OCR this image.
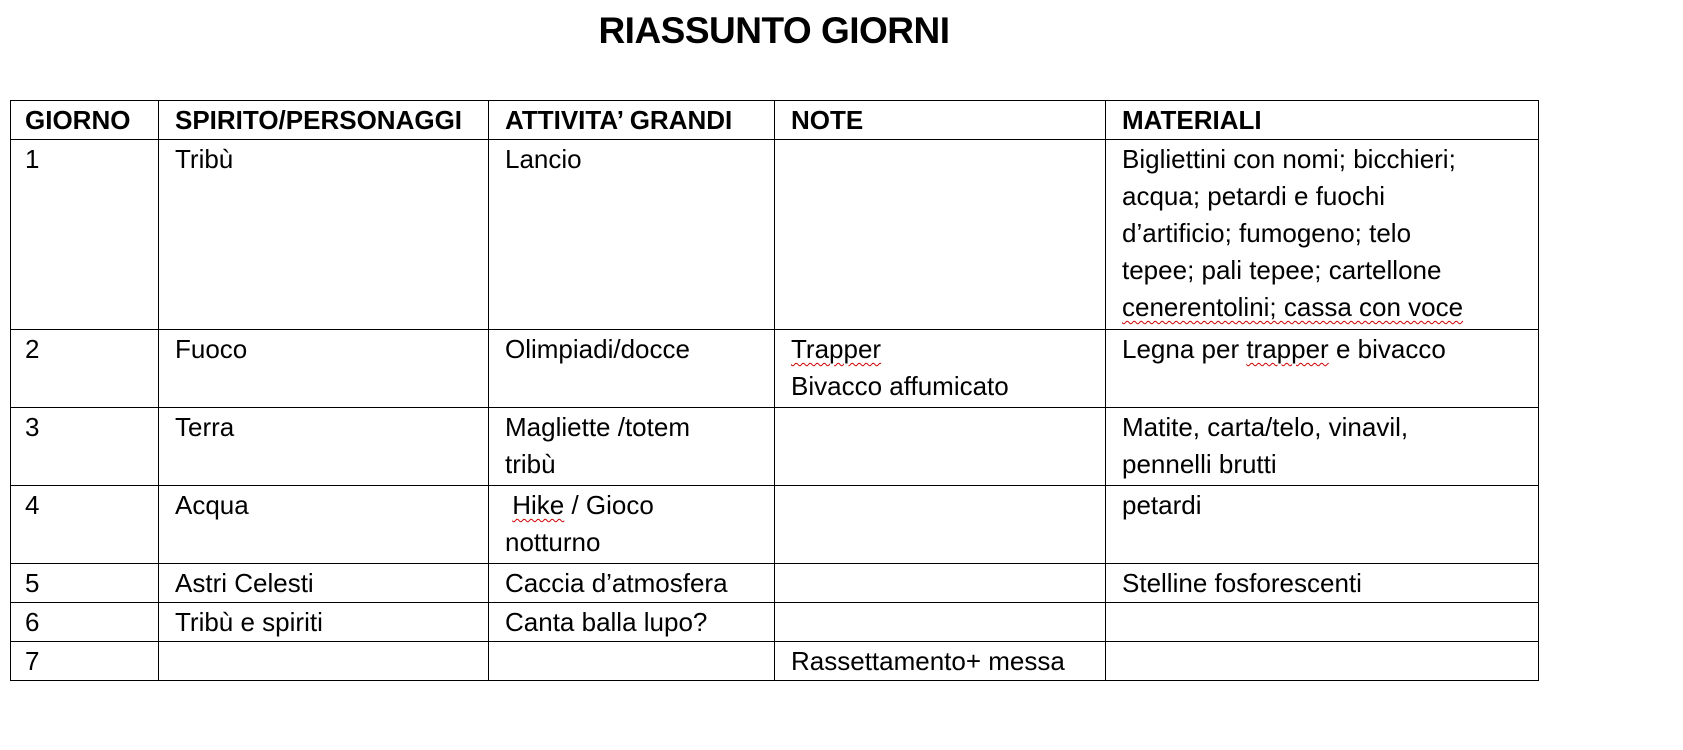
RIASSUNTO GIORNI
GIORNO	SPIRITO/PERSONAGGI	ATTIVITA’ GRANDI	NOTE	MATERIALI
1	Tribù	Lancio		Bigliettini con nomi; bicchieri;
acqua; petardi e fuochi
d’artificio; fumogeno; telo
tepee; pali tepee; cartellone
cenerentolini; cassa con voce

2	Fuoco	Olimpiadi/docce	Trapper
Bivacco affumicato	Legna per trapper e bivacco
3	Terra	Magliette /totem
tribù		Matite, carta/telo, vinavil,
pennelli brutti

4	Acqua	Hike / Gioco
notturno		petardi
5	Astri Celesti	Caccia d’atmosfera		Stelline fosforescenti
6	Tribù e spiriti	Canta balla lupo?		
7			Rassettamento+ messa	
